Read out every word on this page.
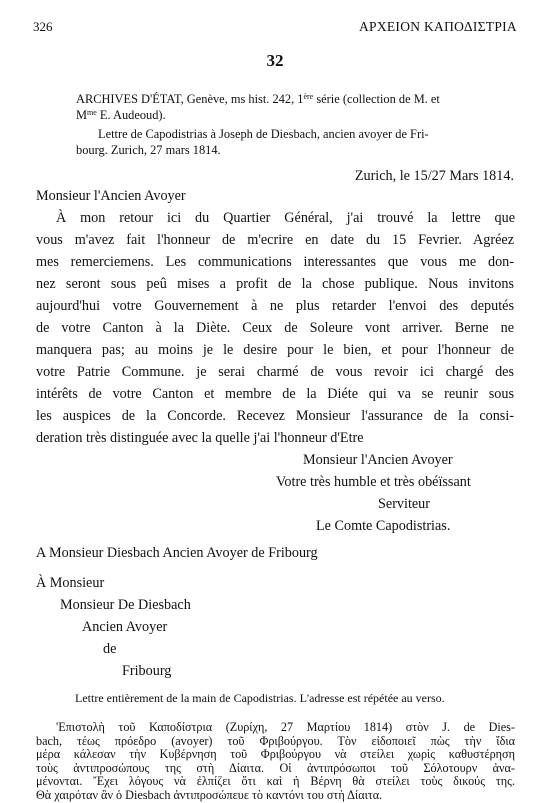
326	ΑΡΧΕΙΟΝ ΚΑΠΟΔΙΣΤΡΙΑ
32
ARCHIVES D'ÉTAT, Genève, ms hist. 242, 1ère série (collection de M. et
$M^{me}$ E. Audeoud).
Lettre de Capodistrias à Joseph de Diesbach, ancien avoyer de Fri-
bourg. Zurich, 27 mars 1814.
Zurich, le 15/27 Mars 1814.
Monsieur l'Ancien Avoyer
À mon retour ici du Quartier Général, j'ai trouvé la lettre que
vous m'avez fait l'honneur de m'ecrire en date du 15 Fevrier. Agréez
mes remerciemens. Les communications interessantes que vous me don-
nez seront sous peû mises a profit de la chose publique. Nous invitons
aujourd'hui votre Gouvernement à ne plus retarder l'envoi des deputés
de votre Canton à la Diète. Ceux de Soleure vont arriver. Berne ne
manquera pas; au moins je le desire pour le bien, et pour l'honneur de
votre Patrie Commune. je serai charmé de vous revoir ici chargé des
intérêts de votre Canton et membre de la Diéte qui va se reunir sous
les auspices de la Concorde. Recevez Monsieur l'assurance de la consi-
deration très distinguée avec la quelle j'ai l'honneur d'Etre
Monsieur l'Ancien Avoyer
Votre très humble et très obéïssant
Serviteur
Le Comte Capodistrias.
A Monsieur Diesbach Ancien Avoyer de Fribourg
À Monsieur
Monsieur De Diesbach
Ancien Avoyer
de
Fribourg
Lettre entièrement de la main de Capodistrias. L'adresse est répétée au verso.
'Επιστολὴ τοῦ Καποδίστρια (Ζυρίχη, 27 Μαρτίου 1814) στὸν J. de Dies-
bach, τέως πρόεδρο (avoyer) τοῦ Φριβούργου. Τὸν εἰδοποιεῖ πὼς τὴν ἴδια
μέρα κάλεσαν τὴν Κυβέρνηση τοῦ Φριβούργου νὰ στείλει χωρὶς καθυστέρηση
τοὺς ἀντιπροσώπους της στὴ Δίαιτα. Οἱ ἀντιπρόσωποι τοῦ Σόλοτουρν ἀνα-
μένονται. Ἔχει λόγους νὰ ἐλπίζει ὅτι καὶ ἡ Βέρνη θὰ στείλει τοὺς δικούς της.
Θὰ χαιρόταν ἂν ὁ Diesbach ἀντιπροσώπευε τὸ καντόνι του στὴ Δίαιτα.
